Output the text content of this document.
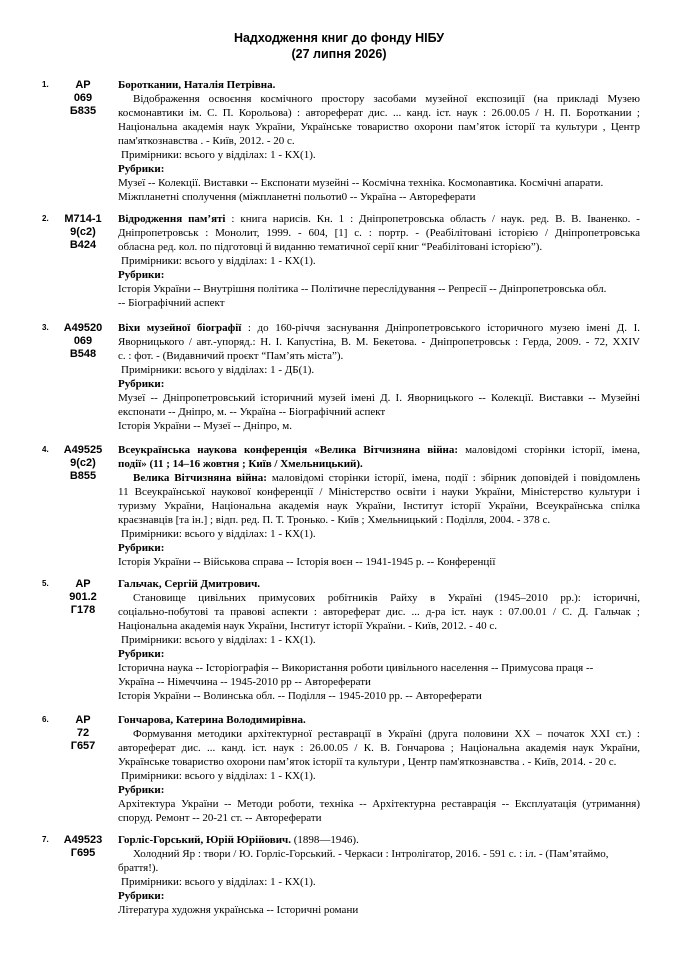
Надходження книг до фонду НІБУ
(27 липня 2026)
1.	АР
069
Б835
Бороткании, Наталія Петрівна.
Відображення освоєння космічного простору засобами музейної експозиції (на прикладі Музею
космонавтики ім. С. П. Корольова) : автореферат дис. ... канд. іст. наук : 26.00.05 / Н. П. Бороткании ;
Національна академія наук України, Українське товариство охорони пам’яток історії та культури , Центр
пам'яткознавства . - Київ, 2012. - 20 с.
Примірники: всього у відділах: 1 - КХ(1).
Рубрики:
Музеї -- Колекції. Виставки -- Експонати музейні -- Космічна техніка. Космоnавтика. Космічні апарати.
Міжпланетні сполучення (міжпланетні польоти0 -- Україна -- Автореферати
2.	М714-1
9(с2)
В424
Відродження пам’яті : книга нарисів. Кн. 1 : Дніпропетровська область / наук. ред. В. В. Іваненко. -
Дніпропетровськ : Монолит, 1999. - 604, [1] с. : портр. - (Реабілітовані історією / Дніпропетровська
обласна ред. кол. по підготовці й виданню тематичної серії книг “Реабілітовані історією”).
Примірники: всього у відділах: 1 - КХ(1).
Рубрики:
Історія України -- Внутрішня політика -- Політичне переслідування -- Репресії -- Дніпропетровська обл.
-- Біографічний аспект
3.	А49520
069
В548
Віхи музейної біографії : до 160-річчя заснування Дніпропетровського історичного музею імені Д. І.
Яворницького / авт.-упоряд.: Н. І. Капустіна, В. М. Бекетова. - Дніпропетровськ : Герда, 2009. - 72, XXIV
с. : фот. - (Видавничий проєкт “Пам’ять міста”).
Примірники: всього у відділах: 1 - ДБ(1).
Рубрики:
Музеї -- Дніпропетровський історичний музей імені Д. І. Яворницького -- Колекції. Виставки -- Музейні
експонати -- Дніпро, м. -- Україна -- Біографічний аспект
Історія України -- Музеї -- Дніпро, м.
4.	А49525
9(с2)
В855
Всеукраїнська наукова конференція «Велика Вітчизняна війна: маловідомі сторінки історії, імена,
події» (11 ; 14–16 жовтня ; Київ / Хмельницький).
Велика Вітчизняна війна: маловідомі сторінки історії, імена, події : збірник доповідей і повідомлень
11 Всеукраїнської наукової конференції / Міністерство освіти і науки України, Міністерство культури і
туризму України, Національна академія наук України, Інститут історії України, Всеукраїнська спілка
краєзнавців [та ін.] ; відп. ред. П. Т. Тронько. - Київ ; Хмельницький : Поділля, 2004. - 378 с.
Примірники: всього у відділах: 1 - КХ(1).
Рубрики:
Історія України -- Військова справа -- Історія воєн -- 1941-1945 р. -- Конференції
5.	АР
901.2
Г178
Гальчак, Сергій Дмитрович.
Становище цивільних примусових робітників Райху в Україні (1945–2010 рр.): історичні,
соціально-побутові та правові аспекти : автореферат дис. ... д-ра іст. наук : 07.00.01 / С. Д. Гальчак ;
Національна академія наук України, Інститут історії України. - Київ, 2012. - 40 с.
Примірники: всього у відділах: 1 - КХ(1).
Рубрики:
Історична наука -- Історіографія -- Використання роботи цивільного населення -- Примусова праця --
Україна -- Німеччина -- 1945-2010 рр -- Автореферати
Історія України -- Волинська обл. -- Поділля -- 1945-2010 рр. -- Автореферати
6.	АР
72
Г657
Гончарова, Катерина Володимирівна.
Формування методики архітектурної реставрації в Україні (друга половини ХХ – початок ХХІ ст.) :
автореферат дис. ... канд. іст. наук : 26.00.05 / К. В. Гончарова ; Національна академія наук України,
Українське товариство охорони пам’яток історії та культури , Центр пам'яткознавства . - Київ, 2014. - 20 с.
Примірники: всього у відділах: 1 - КХ(1).
Рубрики:
Архітектура України -- Методи роботи, техніка -- Архітектурна реставрація -- Експлуатація (утримання)
споруд. Ремонт -- 20-21 ст. -- Автореферати
7.	А49523
Г695
Горліс-Горський, Юрій Юрійович. (1898—1946).
Холодний Яр : твори / Ю. Горліс-Горський. - Черкаси : Інтролігатор, 2016. - 591 с. : іл. - (Пам’ятаймо,
браття!).
Примірники: всього у відділах: 1 - КХ(1).
Рубрики:
Література художня українська -- Історичні романи
